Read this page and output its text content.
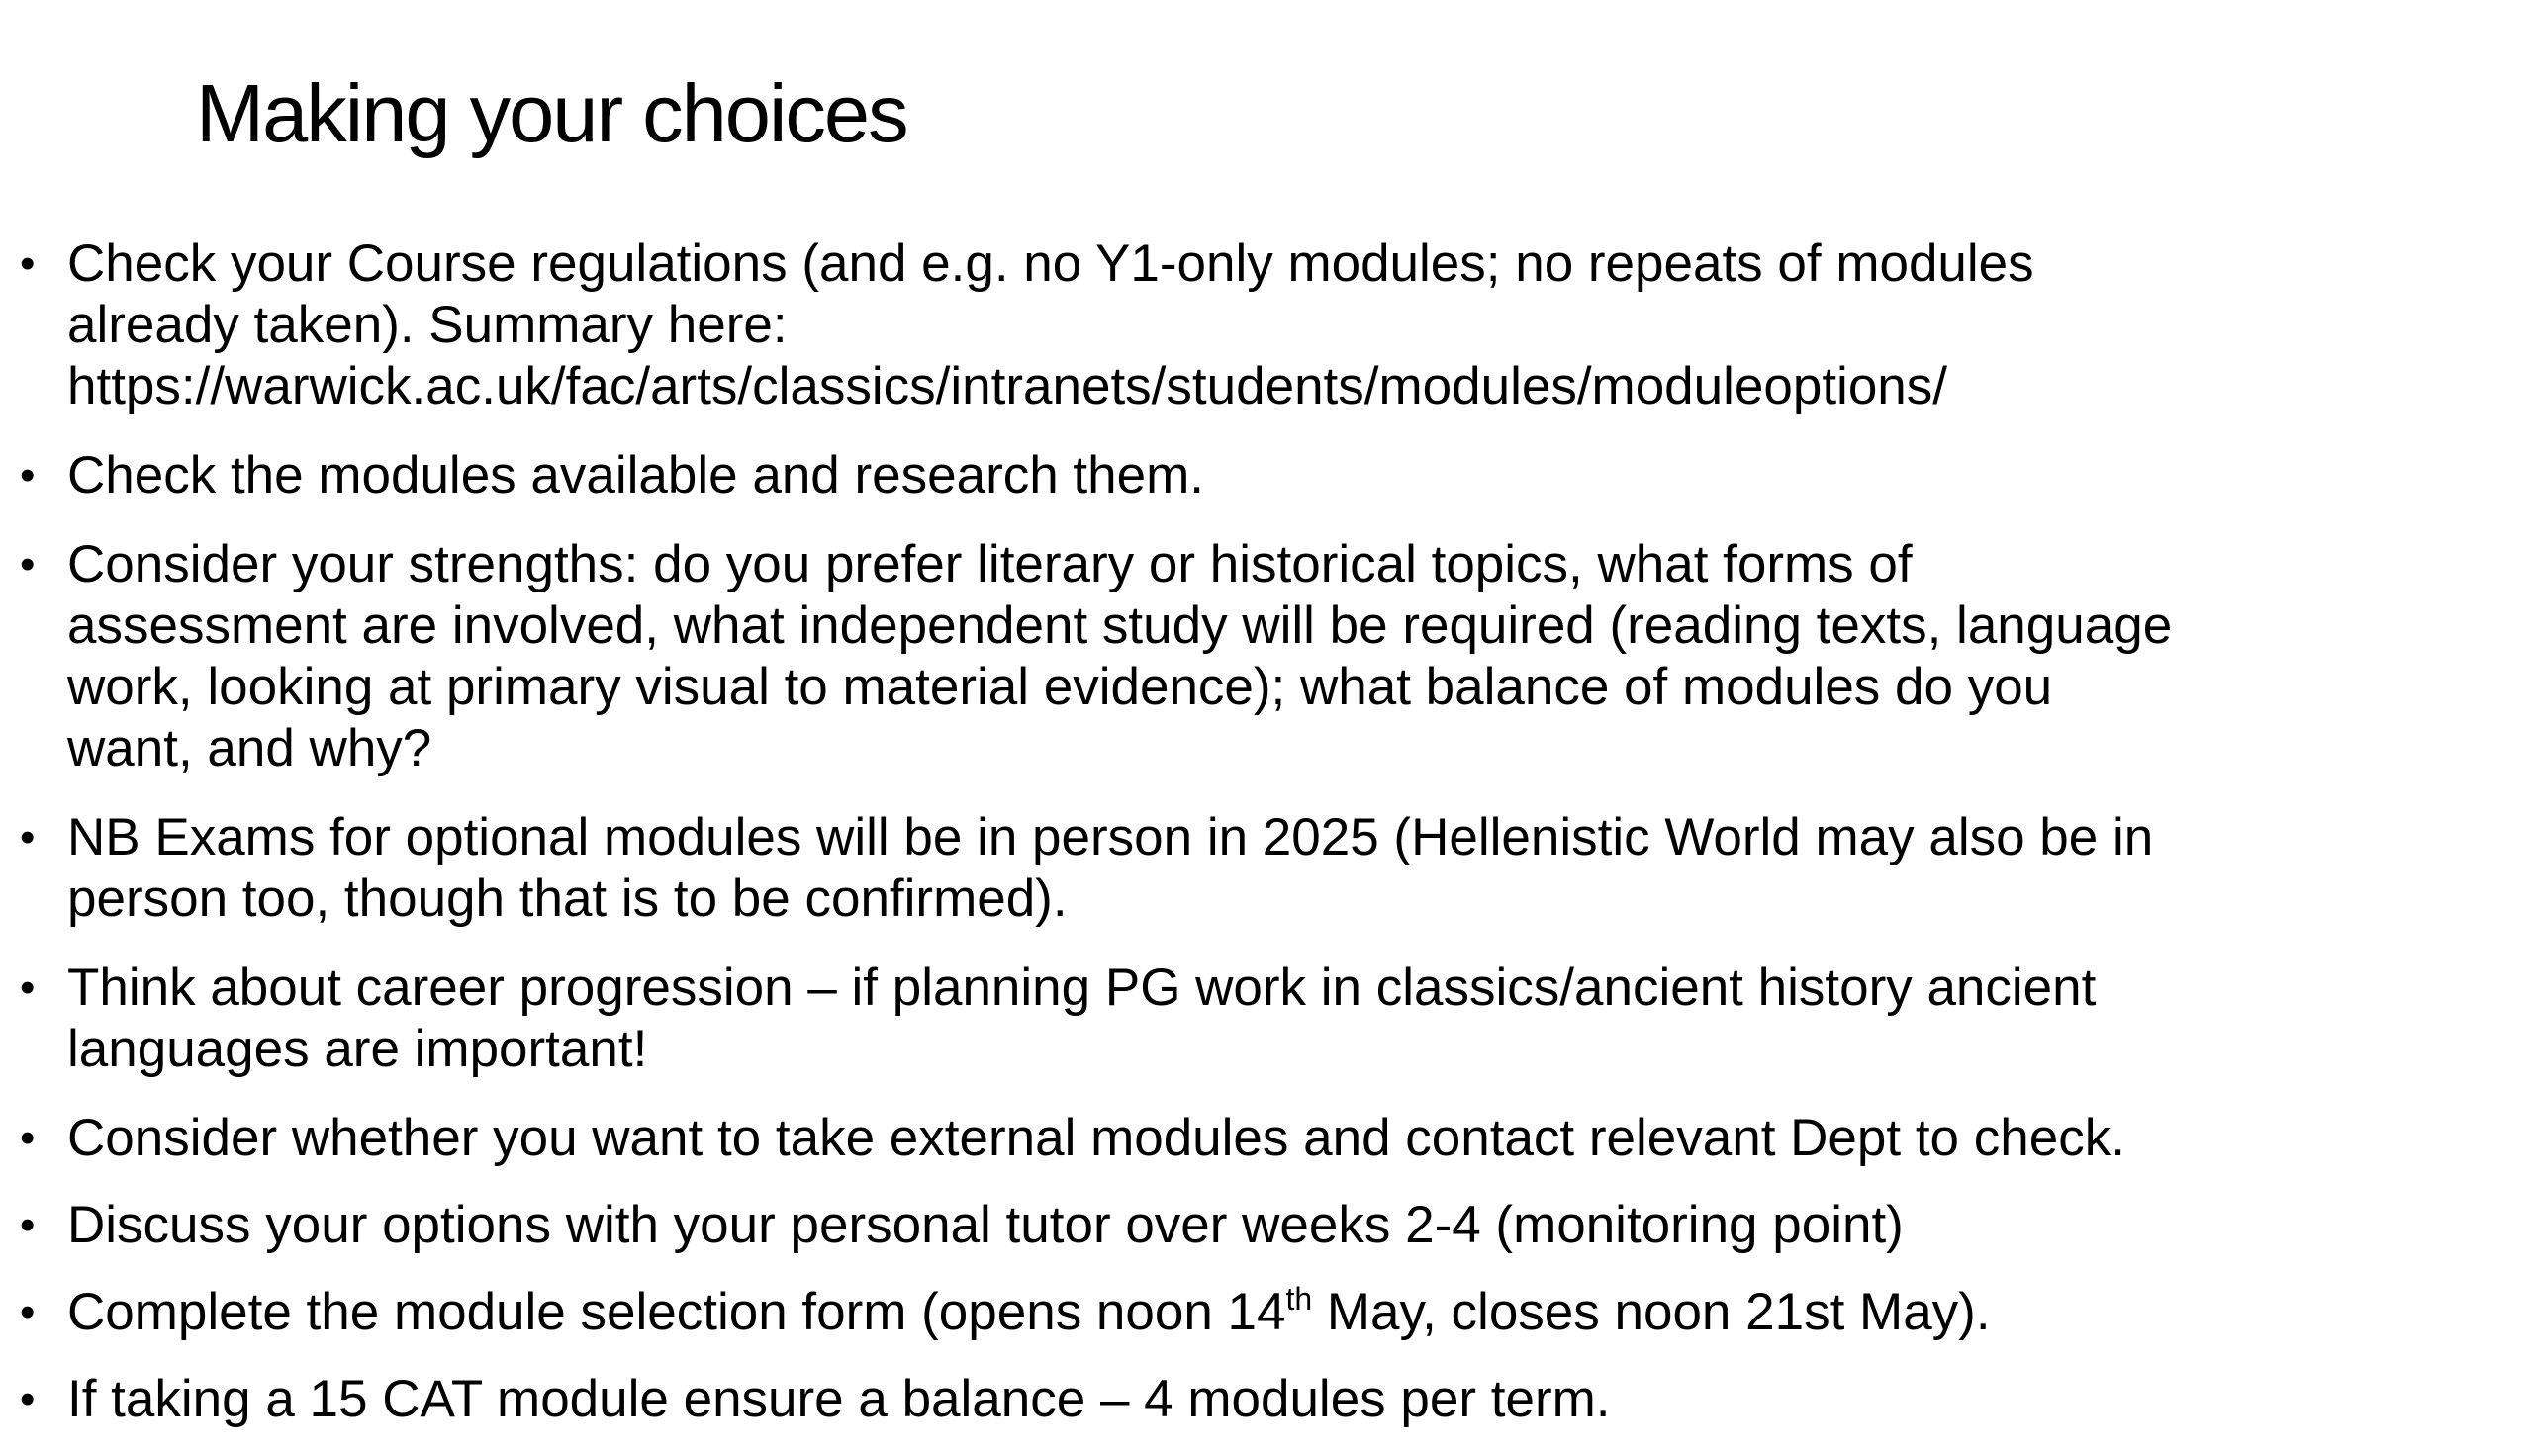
Making your choices
• Check your Course regulations (and e.g. no Y1-only modules; no repeats of modules
already taken). Summary here:
https://warwick.ac.uk/fac/arts/classics/intranets/students/modules/moduleoptions/
• Check the modules available and research them.
• Consider your strengths: do you prefer literary or historical topics, what forms of
assessment are involved, what independent study will be required (reading texts, language
work, looking at primary visual to material evidence); what balance of modules do you
want, and why?
• NB Exams for optional modules will be in person in 2025 (Hellenistic World may also be in
person too, though that is to be confirmed).
• Think about career progression – if planning PG work in classics/ancient history ancient
languages are important!
• Consider whether you want to take external modules and contact relevant Dept to check.
• Discuss your options with your personal tutor over weeks 2-4 (monitoring point)
• Complete the module selection form (opens noon 14th May, closes noon 21st May).
• If taking a 15 CAT module ensure a balance – 4 modules per term.
